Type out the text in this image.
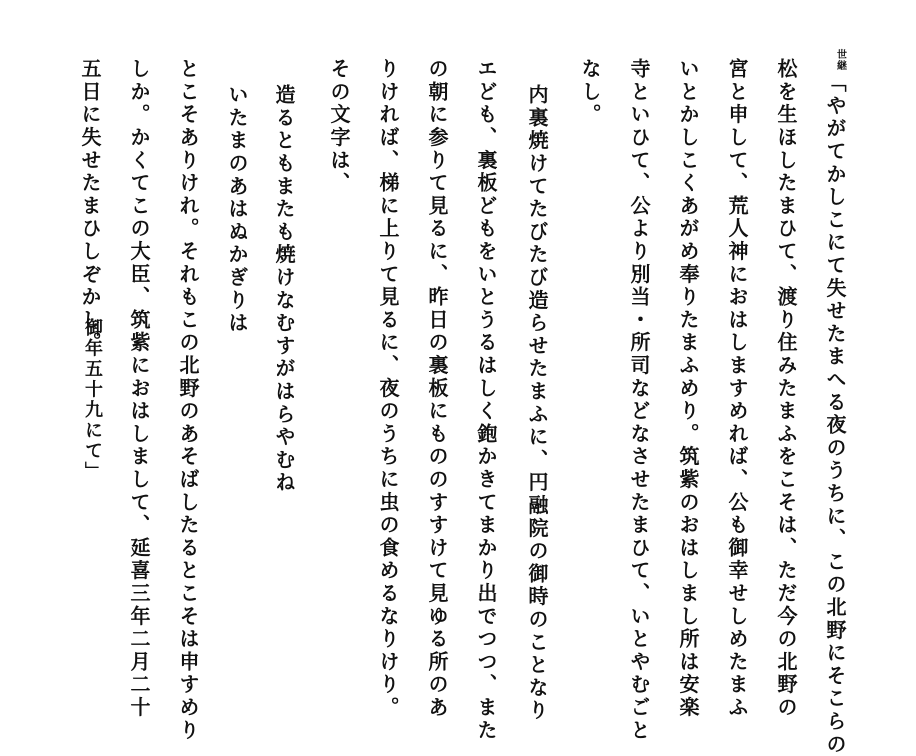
世
継「やがてかしこにて失せたまへる夜のうちに、この北野にそこらの
松を生ほしたまひて、渡り住みたまふをこそは、ただ今の北野の
宮と申して、荒人神におはしますめれば、公も御幸せしめたまふ
いとかしこくあがめ奉りたまふめり。筑紫のおはしまし所は安楽
寺といひて、公より別当・所司などなさせたまひて、いとやむごと
なし。
内裏焼けてたびたび造らせたまふに、円融院の御時のことなり
エども、裏板どもをいとうるはしく鉋かきてまかり出でつつ、また
の朝に参りて見るに、昨日の裏板にもののすすけて見ゆる所のあ
りければ、梯に上りて見るに、夜のうちに虫の食めるなりけり。
その文字は、
造るともまたも焼けなむすがはらやむね
いたまのあはぬかぎりは
とこそありけれ。それもこの北野のあそばしたるとこそは申すめり
しか。かくてこの大臣、筑紫におはしまして、延喜三年二月二十
五日に失せたまひしぞかし。
御年五十九にて」
